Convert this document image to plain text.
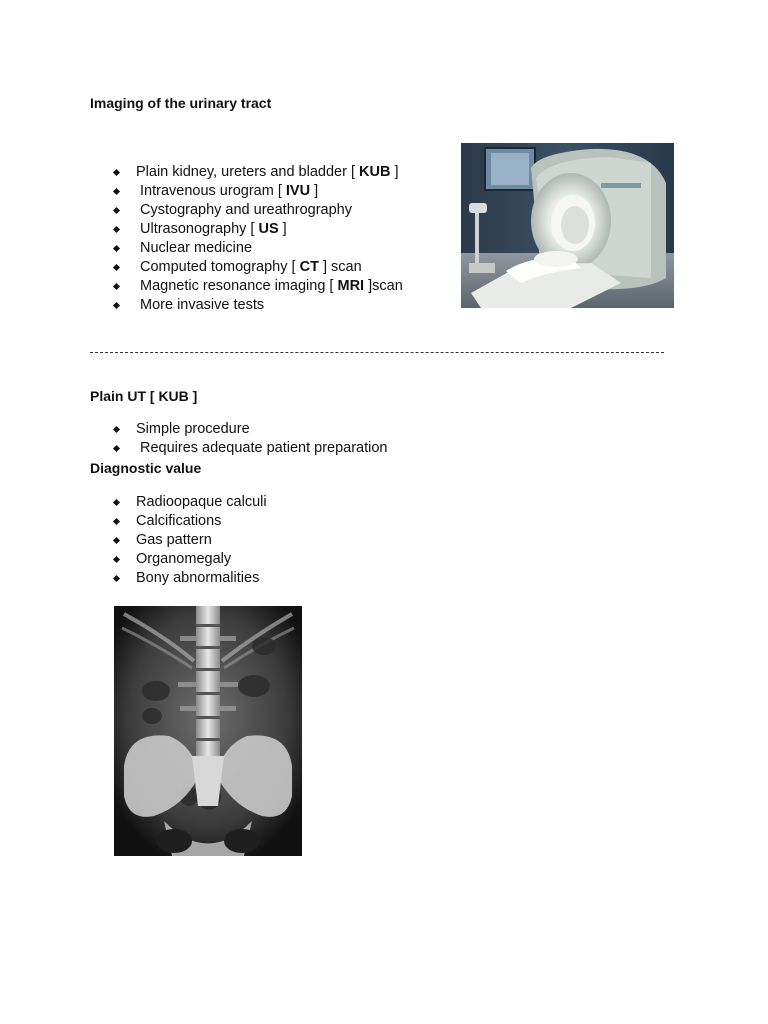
Imaging of the urinary tract
Plain kidney, ureters and bladder [ KUB ]
Intravenous urogram [ IVU ]
Cystography and ureathrography
Ultrasonography [ US ]
Nuclear medicine
Computed tomography [ CT ] scan
Magnetic resonance imaging [ MRI ]scan
More invasive tests
Plain UT [ KUB ]
Simple procedure
Requires adequate patient preparation
Diagnostic value
Radioopaque calculi
Calcifications
Gas pattern
Organomegaly
Bony abnormalities
